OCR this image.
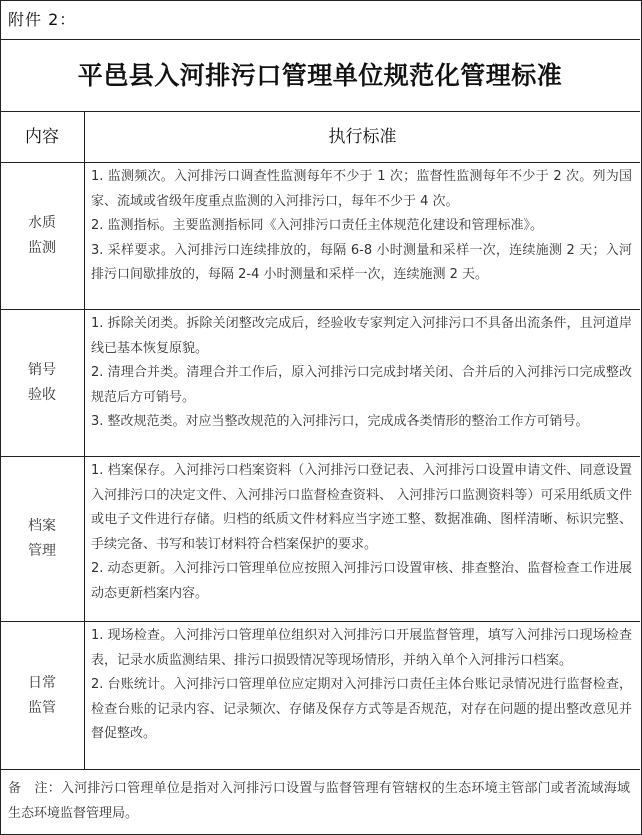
附件 2：
平邑县入河排污口管理单位规范化管理标准
内容	执行标准
水质
监测

1. 监测频次。入河排污口调查性监测每年不少于 1 次；监督性监测每年不少于 2 次。列为国家、流域或省级年度重点监测的入河排污口，每年不少于 4 次。

2. 监测指标。主要监测指标同《入河排污口责任主体规范化建设和管理标准》。

3. 采样要求。入河排污口连续排放的，每隔 6-8 小时测量和采样一次，连续施测 2 天；入河排污口间歇排放的，每隔 2-4 小时测量和采样一次，连续施测 2 天。

销号
验收

1. 拆除关闭类。拆除关闭整改完成后，经验收专家判定入河排污口不具备出流条件，且河道岸线已基本恢复原貌。

2. 清理合并类。清理合并工作后，原入河排污口完成封堵关闭、合并后的入河排污口完成整改规范后方可销号。

3. 整改规范类。对应当整改规范的入河排污口，完成成各类情形的整治工作方可销号。

档案
管理

1. 档案保存。入河排污口档案资料（入河排污口登记表、入河排污口设置申请文件、同意设置入河排污口的决定文件、入河排污口监督检查资料、 入河排污口监测资料等）可采用纸质文件或电子文件进行存储。归档的纸质文件材料应当字迹工整、数据准确、图样清晰、标识完整、手续完备、书写和装订材料符合档案保护的要求。

2. 动态更新。入河排污口管理单位应按照入河排污口设置审核、排查整治、监督检查工作进展动态更新档案内容。

日常
监管

1. 现场检查。入河排污口管理单位组织对入河排污口开展监督管理，填写入河排污口现场检查表，记录水质监测结果、排污口损毁情况等现场情形，并纳入单个入河排污口档案。

2. 台账统计。入河排污口管理单位应定期对入河排污口责任主体台账记录情况进行监督检查，检查台账的记录内容、记录频次、存储及保存方式等是否规范，对存在问题的提出整改意见并督促整改。

备　注：入河排污口管理单位是指对入河排污口设置与监督管理有管辖权的生态环境主管部门或者流域海域生态环境监督管理局。
